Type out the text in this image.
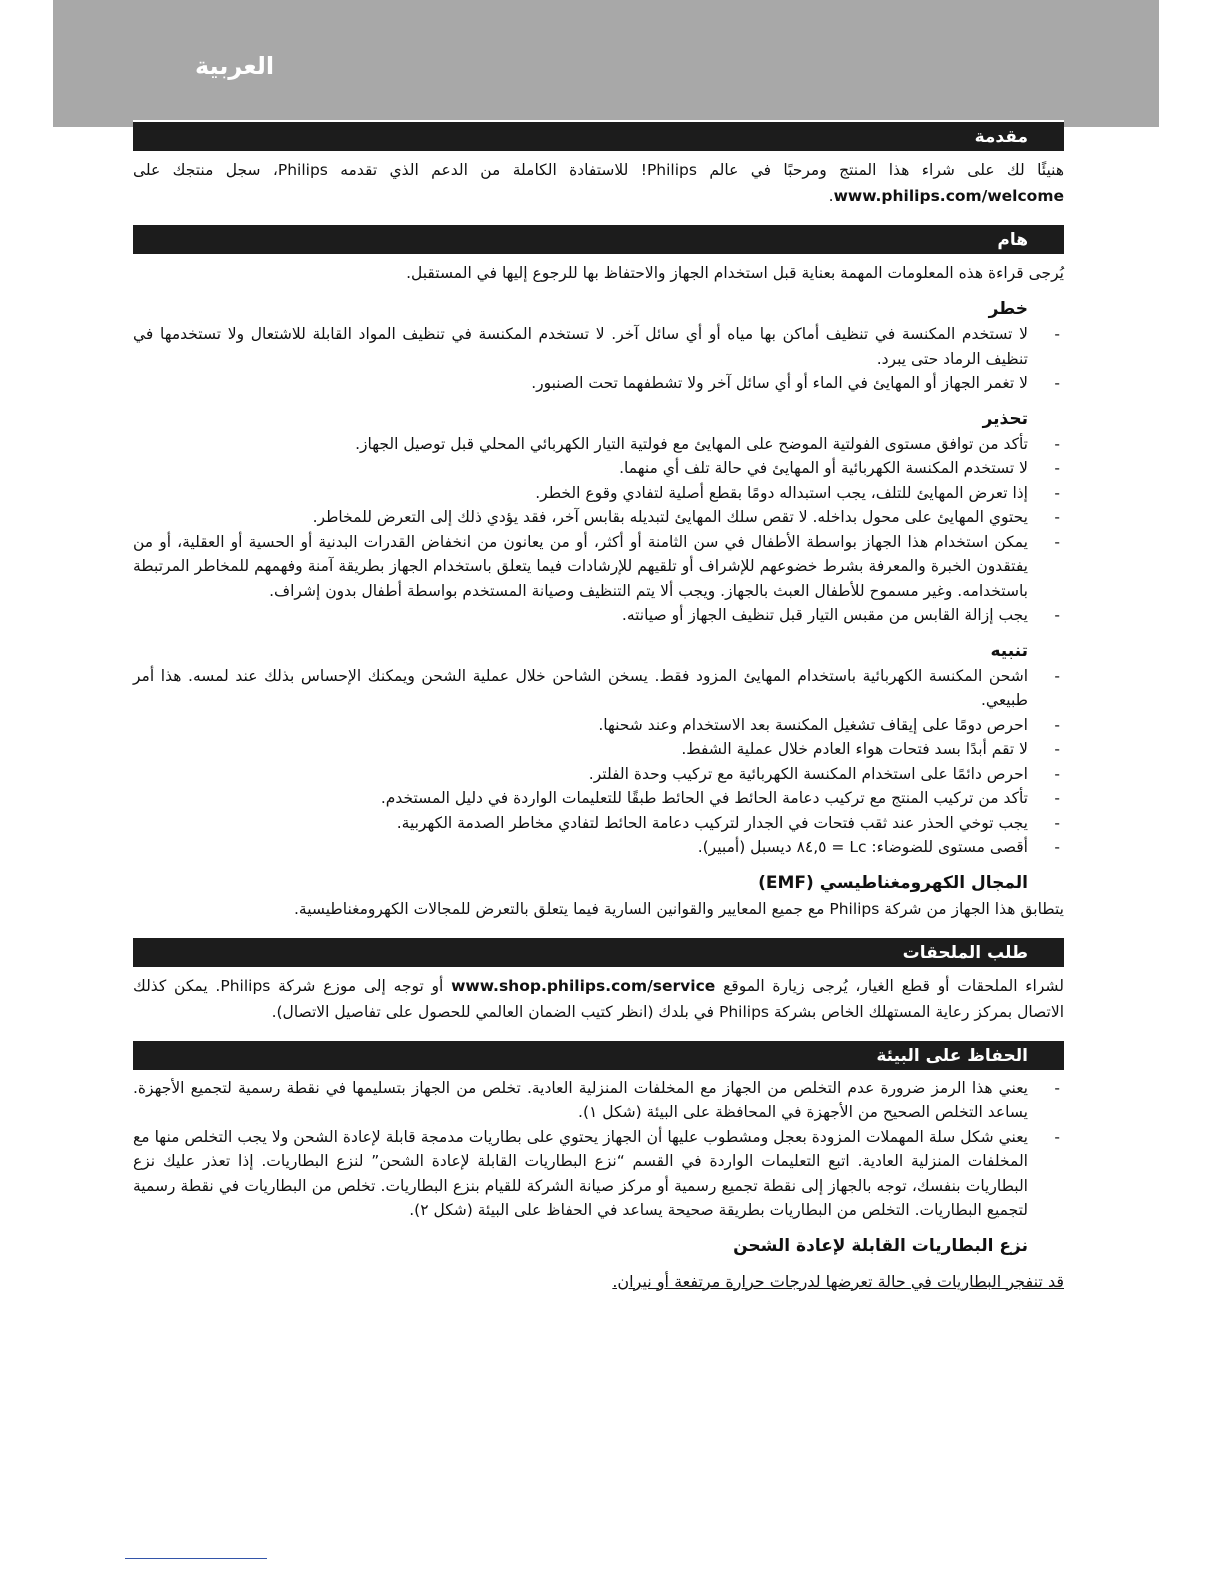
العربية
مقدمة

هنيئًا لك على شراء هذا المنتج ومرحبًا في عالم Philips! للاستفادة الكاملة من الدعم الذي تقدمه Philips، سجل منتجك على www.philips.com/welcome.

هام

يُرجى قراءة هذه المعلومات المهمة بعناية قبل استخدام الجهاز والاحتفاظ بها للرجوع إليها في المستقبل.

خطر
- لا تستخدم المكنسة في تنظيف أماكن بها مياه أو أي سائل آخر. لا تستخدم المكنسة في تنظيف المواد القابلة للاشتعال ولا تستخدمها في تنظيف الرماد حتى يبرد.
- لا تغمر الجهاز أو المهايئ في الماء أو أي سائل آخر ولا تشطفهما تحت الصنبور.
تحذير
- تأكد من توافق مستوى الفولتية الموضح على المهايئ مع فولتية التيار الكهربائي المحلي قبل توصيل الجهاز.
- لا تستخدم المكنسة الكهربائية أو المهايئ في حالة تلف أي منهما.
- إذا تعرض المهايئ للتلف، يجب استبداله دومًا بقطع أصلية لتفادي وقوع الخطر.
- يحتوي المهايئ على محول بداخله. لا تقص سلك المهايئ لتبديله بقابس آخر، فقد يؤدي ذلك إلى التعرض للمخاطر.
- يمكن استخدام هذا الجهاز بواسطة الأطفال في سن الثامنة أو أكثر، أو من يعانون من انخفاض القدرات البدنية أو الحسية أو العقلية، أو من يفتقدون الخبرة والمعرفة بشرط خضوعهم للإشراف أو تلقيهم للإرشادات فيما يتعلق باستخدام الجهاز بطريقة آمنة وفهمهم للمخاطر المرتبطة باستخدامه. وغير مسموح للأطفال العبث بالجهاز. ويجب ألا يتم التنظيف وصيانة المستخدم بواسطة أطفال بدون إشراف.
- يجب إزالة القابس من مقبس التيار قبل تنظيف الجهاز أو صيانته.
تنبيه
- اشحن المكنسة الكهربائية باستخدام المهايئ المزود فقط. يسخن الشاحن خلال عملية الشحن ويمكنك الإحساس بذلك عند لمسه. هذا أمر طبيعي.
- احرص دومًا على إيقاف تشغيل المكنسة بعد الاستخدام وعند شحنها.
- لا تقم أبدًا بسد فتحات هواء العادم خلال عملية الشفط.
- احرص دائمًا على استخدام المكنسة الكهربائية مع تركيب وحدة الفلتر.
- تأكد من تركيب المنتج مع تركيب دعامة الحائط في الحائط طبقًا للتعليمات الواردة في دليل المستخدم.
- يجب توخي الحذر عند ثقب فتحات في الجدار لتركيب دعامة الحائط لتفادي مخاطر الصدمة الكهربية.
- أقصى مستوى للضوضاء: Lc = ٨٤,٥ ديسبل (أمبير).
المجال الكهرومغناطيسي (EMF)

يتطابق هذا الجهاز من شركة Philips مع جميع المعايير والقوانين السارية فيما يتعلق بالتعرض للمجالات الكهرومغناطيسية.

طلب الملحقات

لشراء الملحقات أو قطع الغيار، يُرجى زيارة الموقع www.shop.philips.com/service أو توجه إلى موزع شركة Philips. يمكن كذلك الاتصال بمركز رعاية المستهلك الخاص بشركة Philips في بلدك (انظر كتيب الضمان العالمي للحصول على تفاصيل الاتصال).

الحفاظ على البيئة
- يعني هذا الرمز ضرورة عدم التخلص من الجهاز مع المخلفات المنزلية العادية. تخلص من الجهاز بتسليمها في نقطة رسمية لتجميع الأجهزة. يساعد التخلص الصحيح من الأجهزة في المحافظة على البيئة (شكل ١).
- يعني شكل سلة المهملات المزودة بعجل ومشطوب عليها أن الجهاز يحتوي على بطاريات مدمجة قابلة لإعادة الشحن ولا يجب التخلص منها مع المخلفات المنزلية العادية. اتبع التعليمات الواردة في القسم “نزع البطاريات القابلة لإعادة الشحن” لنزع البطاريات. إذا تعذر عليك نزع البطاريات بنفسك، توجه بالجهاز إلى نقطة تجميع رسمية أو مركز صيانة الشركة للقيام بنزع البطاريات. تخلص من البطاريات في نقطة رسمية لتجميع البطاريات. التخلص من البطاريات بطريقة صحيحة يساعد في الحفاظ على البيئة (شكل ٢).
نزع البطاريات القابلة لإعادة الشحن

قد تنفجر البطاريات في حالة تعرضها لدرجات حرارة مرتفعة أو نيران.
